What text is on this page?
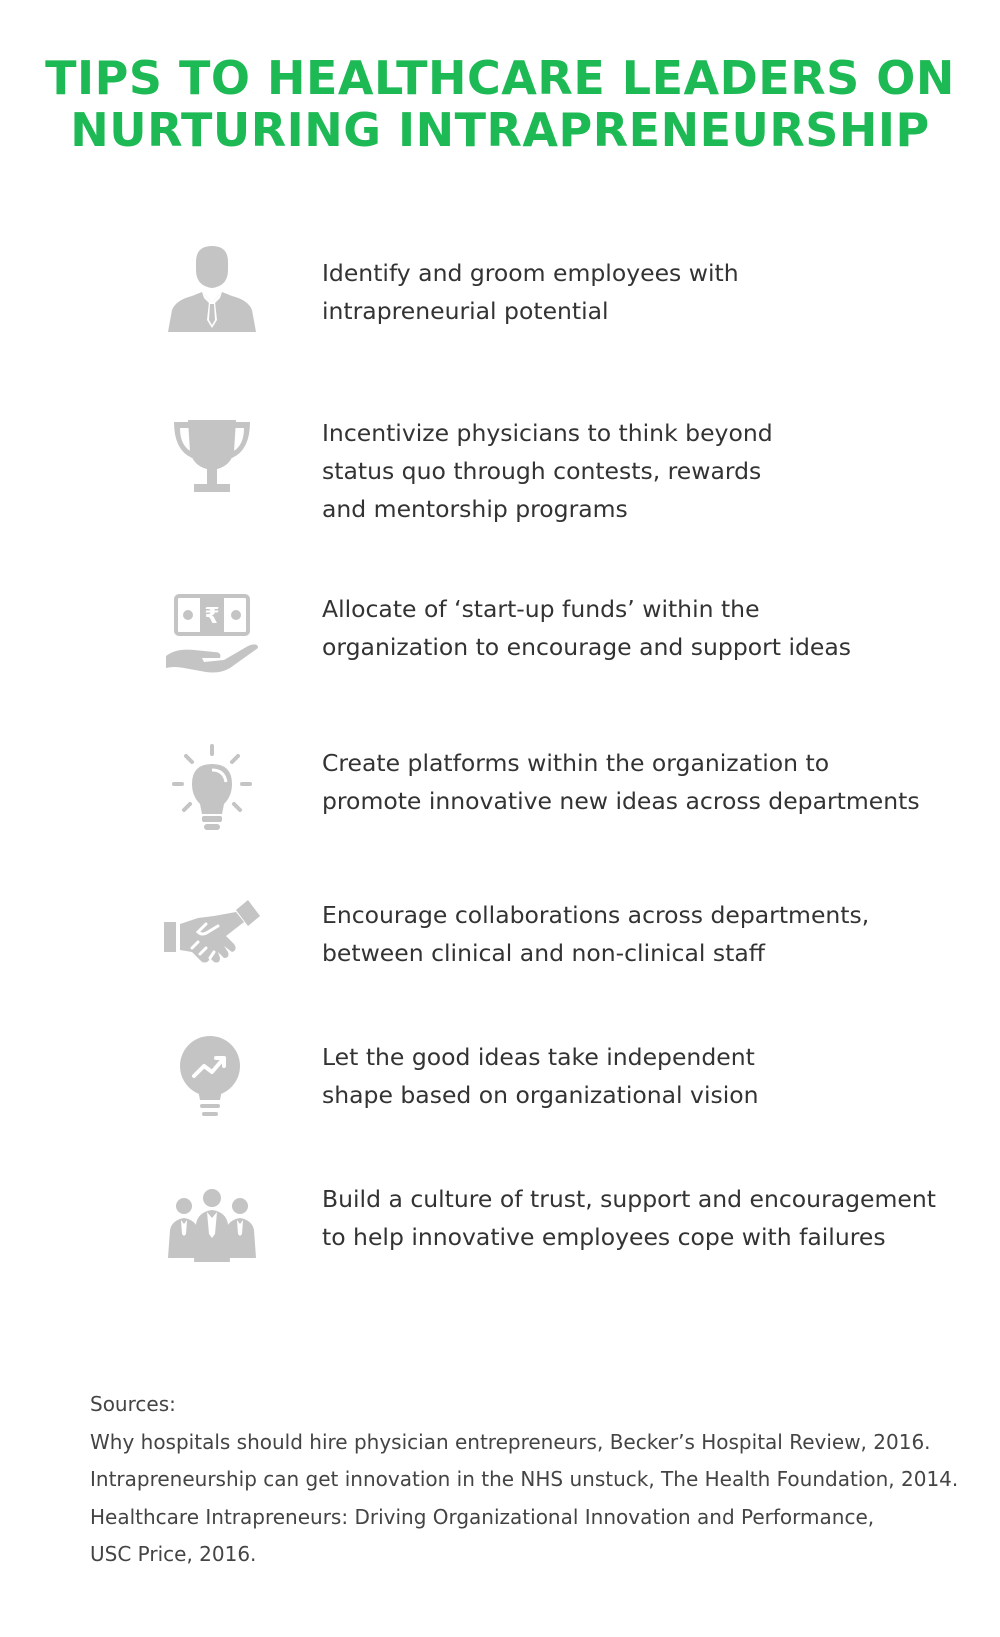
TIPS TO HEALTHCARE LEADERS ON
NURTURING INTRAPRENEURSHIP
Identify and groom employees with
intrapreneurial potential
Incentivize physicians to think beyond
status quo through contests, rewards
and mentorship programs
₹	Allocate of ‘start-up funds’ within the
organization to encourage and support ideas
Create platforms within the organization to
promote innovative new ideas across departments
Encourage collaborations across departments,
between clinical and non-clinical staff
Let the good ideas take independent
shape based on organizational vision
Build a culture of trust, support and encouragement
to help innovative employees cope with failures
Sources:
Why hospitals should hire physician entrepreneurs, Becker’s Hospital Review, 2016.
Intrapreneurship can get innovation in the NHS unstuck, The Health Foundation, 2014.
Healthcare Intrapreneurs: Driving Organizational Innovation and Performance,
USC Price, 2016.
